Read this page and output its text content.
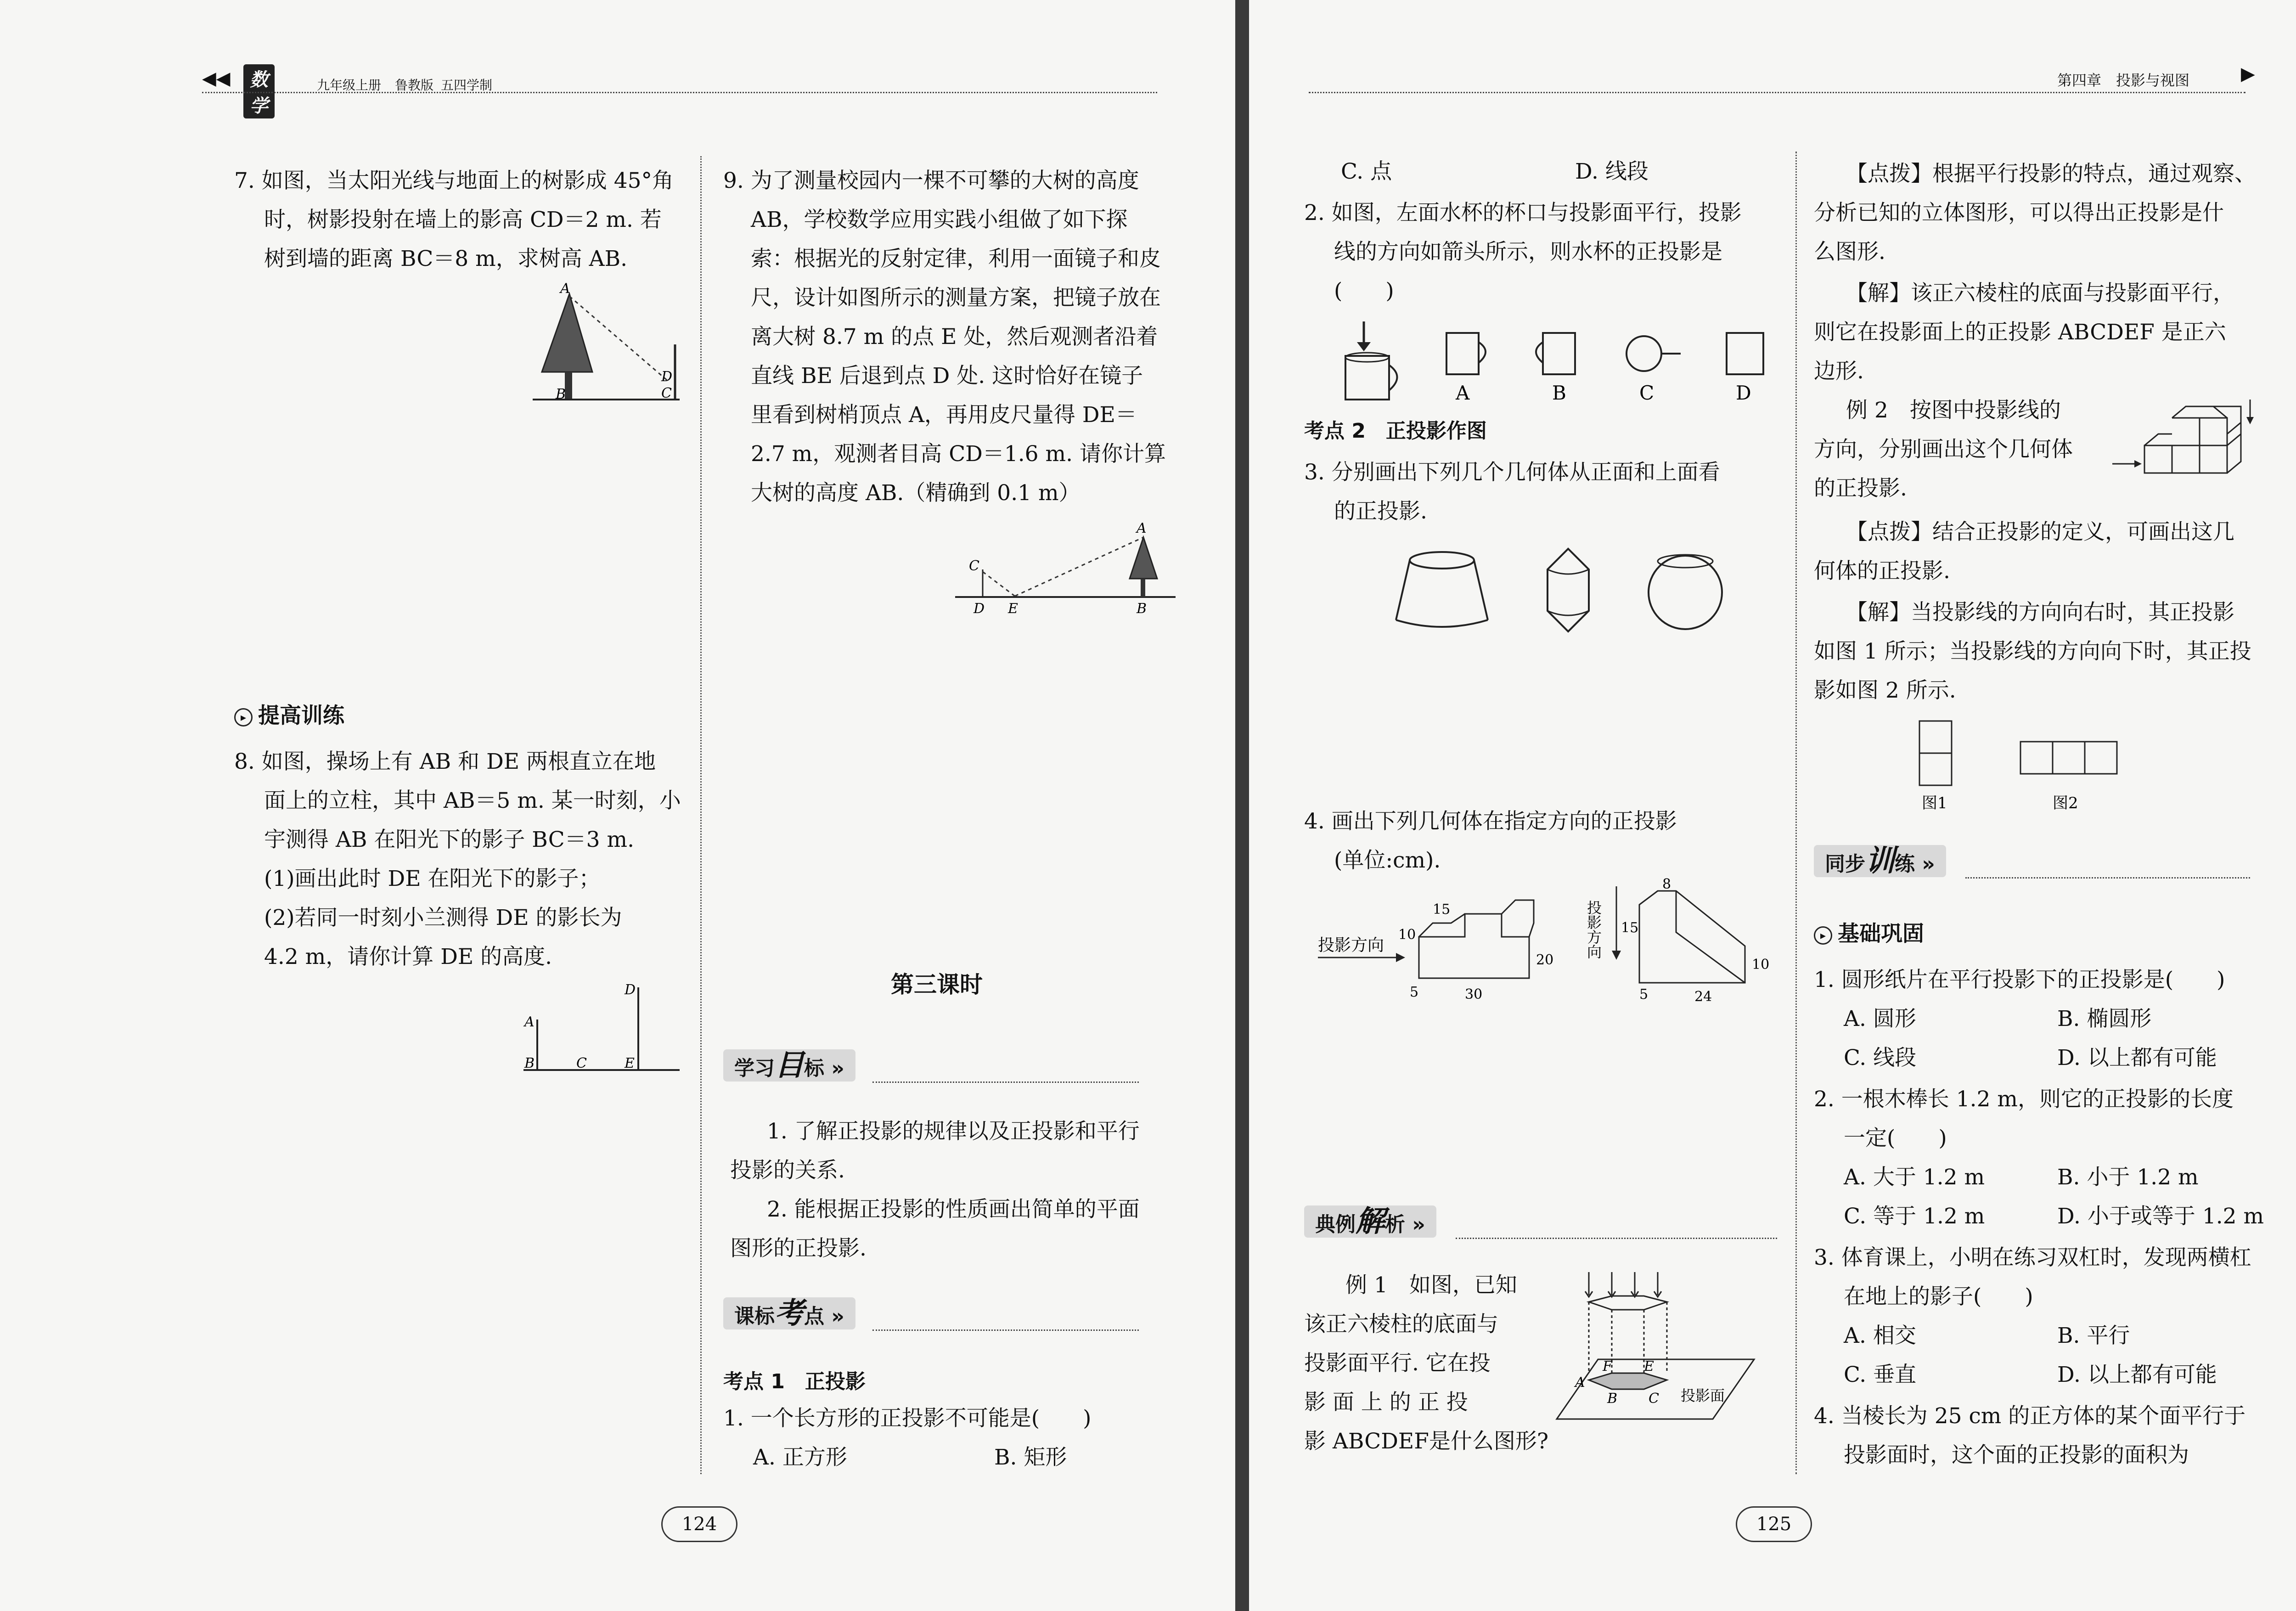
◀◀	数学
九年级上册 鲁教版 五四学制
7. 如图，当太阳光线与地面上的树影成 45°角
时，树影投射在墙上的影高 CD＝2 m. 若
树到墙的距离 BC＝8 m，求树高 AB.
A
B	C
D
▸ 提高训练
8. 如图，操场上有 AB 和 DE 两根直立在地
面上的立柱，其中 AB＝5 m. 某一时刻，小
宇测得 AB 在阳光下的影子 BC＝3 m.
(1)画出此时 DE 在阳光下的影子；
(2)若同一时刻小兰测得 DE 的影长为
4.2 m，请你计算 DE 的高度.
A
B	C
D
E
9. 为了测量校园内一棵不可攀的大树的高度
AB，学校数学应用实践小组做了如下探
索：根据光的反射定律，利用一面镜子和皮
尺，设计如图所示的测量方案，把镜子放在
离大树 8.7 m 的点 E 处，然后观测者沿着
直线 BE 后退到点 D 处. 这时恰好在镜子
里看到树梢顶点 A，再用皮尺量得 DE＝
2.7 m，观测者目高 CD＝1.6 m. 请你计算
大树的高度 AB.（精确到 0.1 m）
A
B
C
D E
第三课时
学习目标 »
1. 了解正投影的规律以及正投影和平行
投影的关系.
2. 能根据正投影的性质画出简单的平面
图形的正投影.
课标考点 »
考点 1　正投影
1. 一个长方形的正投影不可能是(　　)
A. 正方形	B. 矩形
124
第四章　投影与视图	▶
C. 点	D. 线段
2. 如图，左面水杯的杯口与投影面平行，投影
线的方向如箭头所示，则水杯的正投影是
(　　)
A	B	C	D
考点 2　正投影作图
3. 分别画出下列几个几何体从正面和上面看
的正投影.
4. 画出下列几何体在指定方向的正投影
(单位:cm).
投影方向
15
10
20
30
5
投影方向
8
15
10
24
5
典例解析 »
例 1　如图，已知
该正六棱柱的底面与
投影面平行. 它在投
影 面 上 的 正 投
影 ABCDEF是什么图形?
投影面
A
B C
E
F
【点拨】根据平行投影的特点，通过观察、
分析已知的立体图形，可以得出正投影是什
么图形.
【解】该正六棱柱的底面与投影面平行，
则它在投影面上的正投影 ABCDEF 是正六
边形.
例 2　按图中投影线的
方向，分别画出这个几何体
的正投影.
【点拨】结合正投影的定义，可画出这几
何体的正投影.
【解】当投影线的方向向右时，其正投影
如图 1 所示；当投影线的方向向下时，其正投
影如图 2 所示.
图1	图2
同步训练 »
▸ 基础巩固
1. 圆形纸片在平行投影下的正投影是(　　)
A. 圆形	B. 椭圆形
C. 线段	D. 以上都有可能
2. 一根木棒长 1.2 m，则它的正投影的长度
一定(　　)
A. 大于 1.2 m	B. 小于 1.2 m
C. 等于 1.2 m	D. 小于或等于 1.2 m
3. 体育课上，小明在练习双杠时，发现两横杠
在地上的影子(　　)
A. 相交	B. 平行
C. 垂直	D. 以上都有可能
4. 当棱长为 25 cm 的正方体的某个面平行于
投影面时，这个面的正投影的面积为
125
